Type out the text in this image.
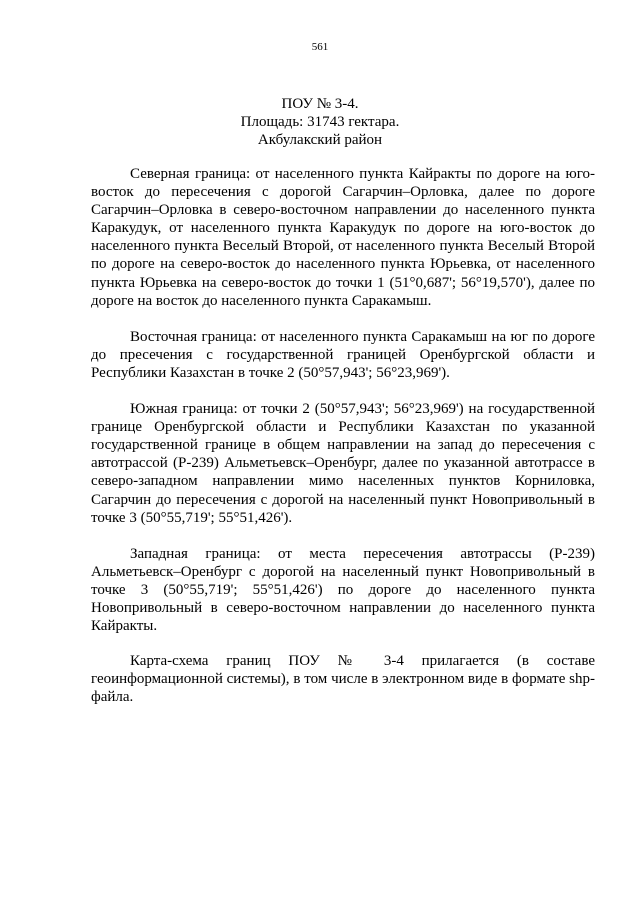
561
ПОУ № 3-4.
Площадь: 31743 гектара.
Акбулакский район

Северная граница: от населенного пункта Кайракты по дороге на юго-восток до пересечения с дорогой Сагарчин–Орловка, далее по дороге Сагарчин–Орловка в северо-восточном направлении до населенного пункта Каракудук, от населенного пункта Каракудук по дороге на юго-восток до населенного пункта Веселый Второй, от населенного пункта Веселый Второй по дороге на северо-восток до населенного пункта Юрьевка, от населенного пункта Юрьевка на северо-восток до точки 1 (51°0,687'; 56°19,570'), далее по дороге на восток до населенного пункта Саракамыш.

Восточная граница: от населенного пункта Саракамыш на юг по дороге до пресечения с государственной границей Оренбургской области и Республики Казахстан в точке 2 (50°57,943'; 56°23,969').

Южная граница: от точки 2 (50°57,943'; 56°23,969') на государственной границе Оренбургской области и Республики Казахстан по указанной государственной границе в общем направлении на запад до пересечения с автотрассой (Р-239) Альметьевск–Оренбург, далее по указанной автотрассе в северо-западном направлении мимо населенных пунктов Корниловка, Сагарчин до пересечения с дорогой на населенный пункт Новопривольный в точке 3 (50°55,719'; 55°51,426').

Западная граница: от места пересечения автотрассы (Р-239) Альметьевск–Оренбург с дорогой на населенный пункт Новопривольный в точке 3 (50°55,719'; 55°51,426') по дороге до населенного пункта Новопривольный в северо-восточном направлении до населенного пункта Кайракты.

Карта-схема границ ПОУ № 3-4 прилагается (в составе геоинформационной системы), в том числе в электронном виде в формате shp-файла.
